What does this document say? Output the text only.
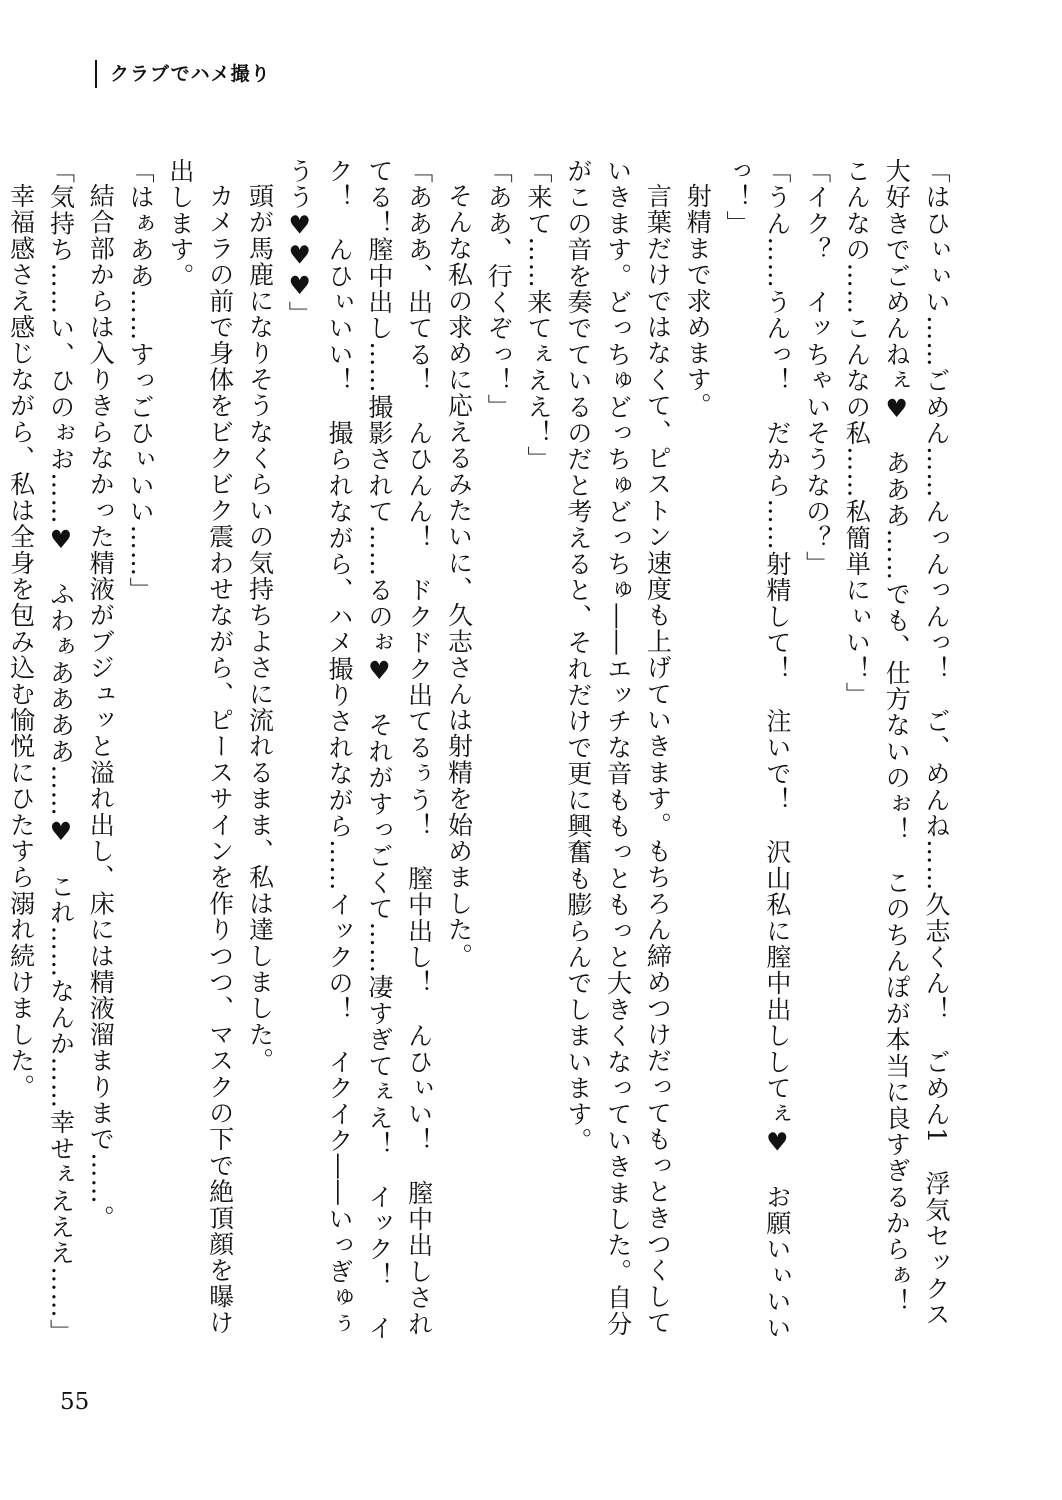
クラブでハメ撮り

「はひぃぃい……ごめん……んっんっんっ！　ご、めんね……久志くん！　ごめん1　浮気セックス大好きでごめんねぇ♥　あああ……でも、仕方ないのぉ！　このちんぽが本当に良すぎるからぁ！　こんなの……こんなの私……私簡単にぃい！」

「イク？　イッちゃいそうなの？」

「うん……うんっ！　だから……射精して！　注いで！　沢山私に膣中出ししてぇ♥　お願いぃいいっ！」

射精まで求めます。

言葉だけではなくて、ピストン速度も上げていきます。もちろん締めつけだってもっときつくしていきます。どっちゅどっちゅどっちゅ――エッチな音ももっともっと大きくなっていきました。自分がこの音を奏でているのだと考えると、それだけで更に興奮も膨らんでしまいます。

「来て……来てぇええ！」

「ああ、行くぞっ！」

そんな私の求めに応えるみたいに、久志さんは射精を始めました。

「あああ、出てる！　んひんん！　ドクドク出てるぅう！　膣中出し！　んひぃい！　膣中出しされてる！膣中出し……撮影されて……るのぉ♥　それがすっごくて……凄すぎてぇえ！　イック！　イク！　んひぃいい！　撮られながら、ハメ撮りされながら……イックの！　イクイク――いっぎゅぅうう♥♥♥」

頭が馬鹿になりそうなくらいの気持ちよさに流れるまま、私は達しました。

カメラの前で身体をビクビク震わせながら、ピースサインを作りつつ、マスクの下で絶頂顔を曝け出します。

「はぁああ……すっごひぃいい……」

結合部からは入りきらなかった精液がブジュッと溢れ出し、床には精液溜まりまで……。

「気持ち……い、ひのぉお……♥　ふわぁああああ……♥　これ……なんか……幸せぇえええ……」

幸福感さえ感じながら、私は全身を包み込む愉悦にひたすら溺れ続けました。

55
